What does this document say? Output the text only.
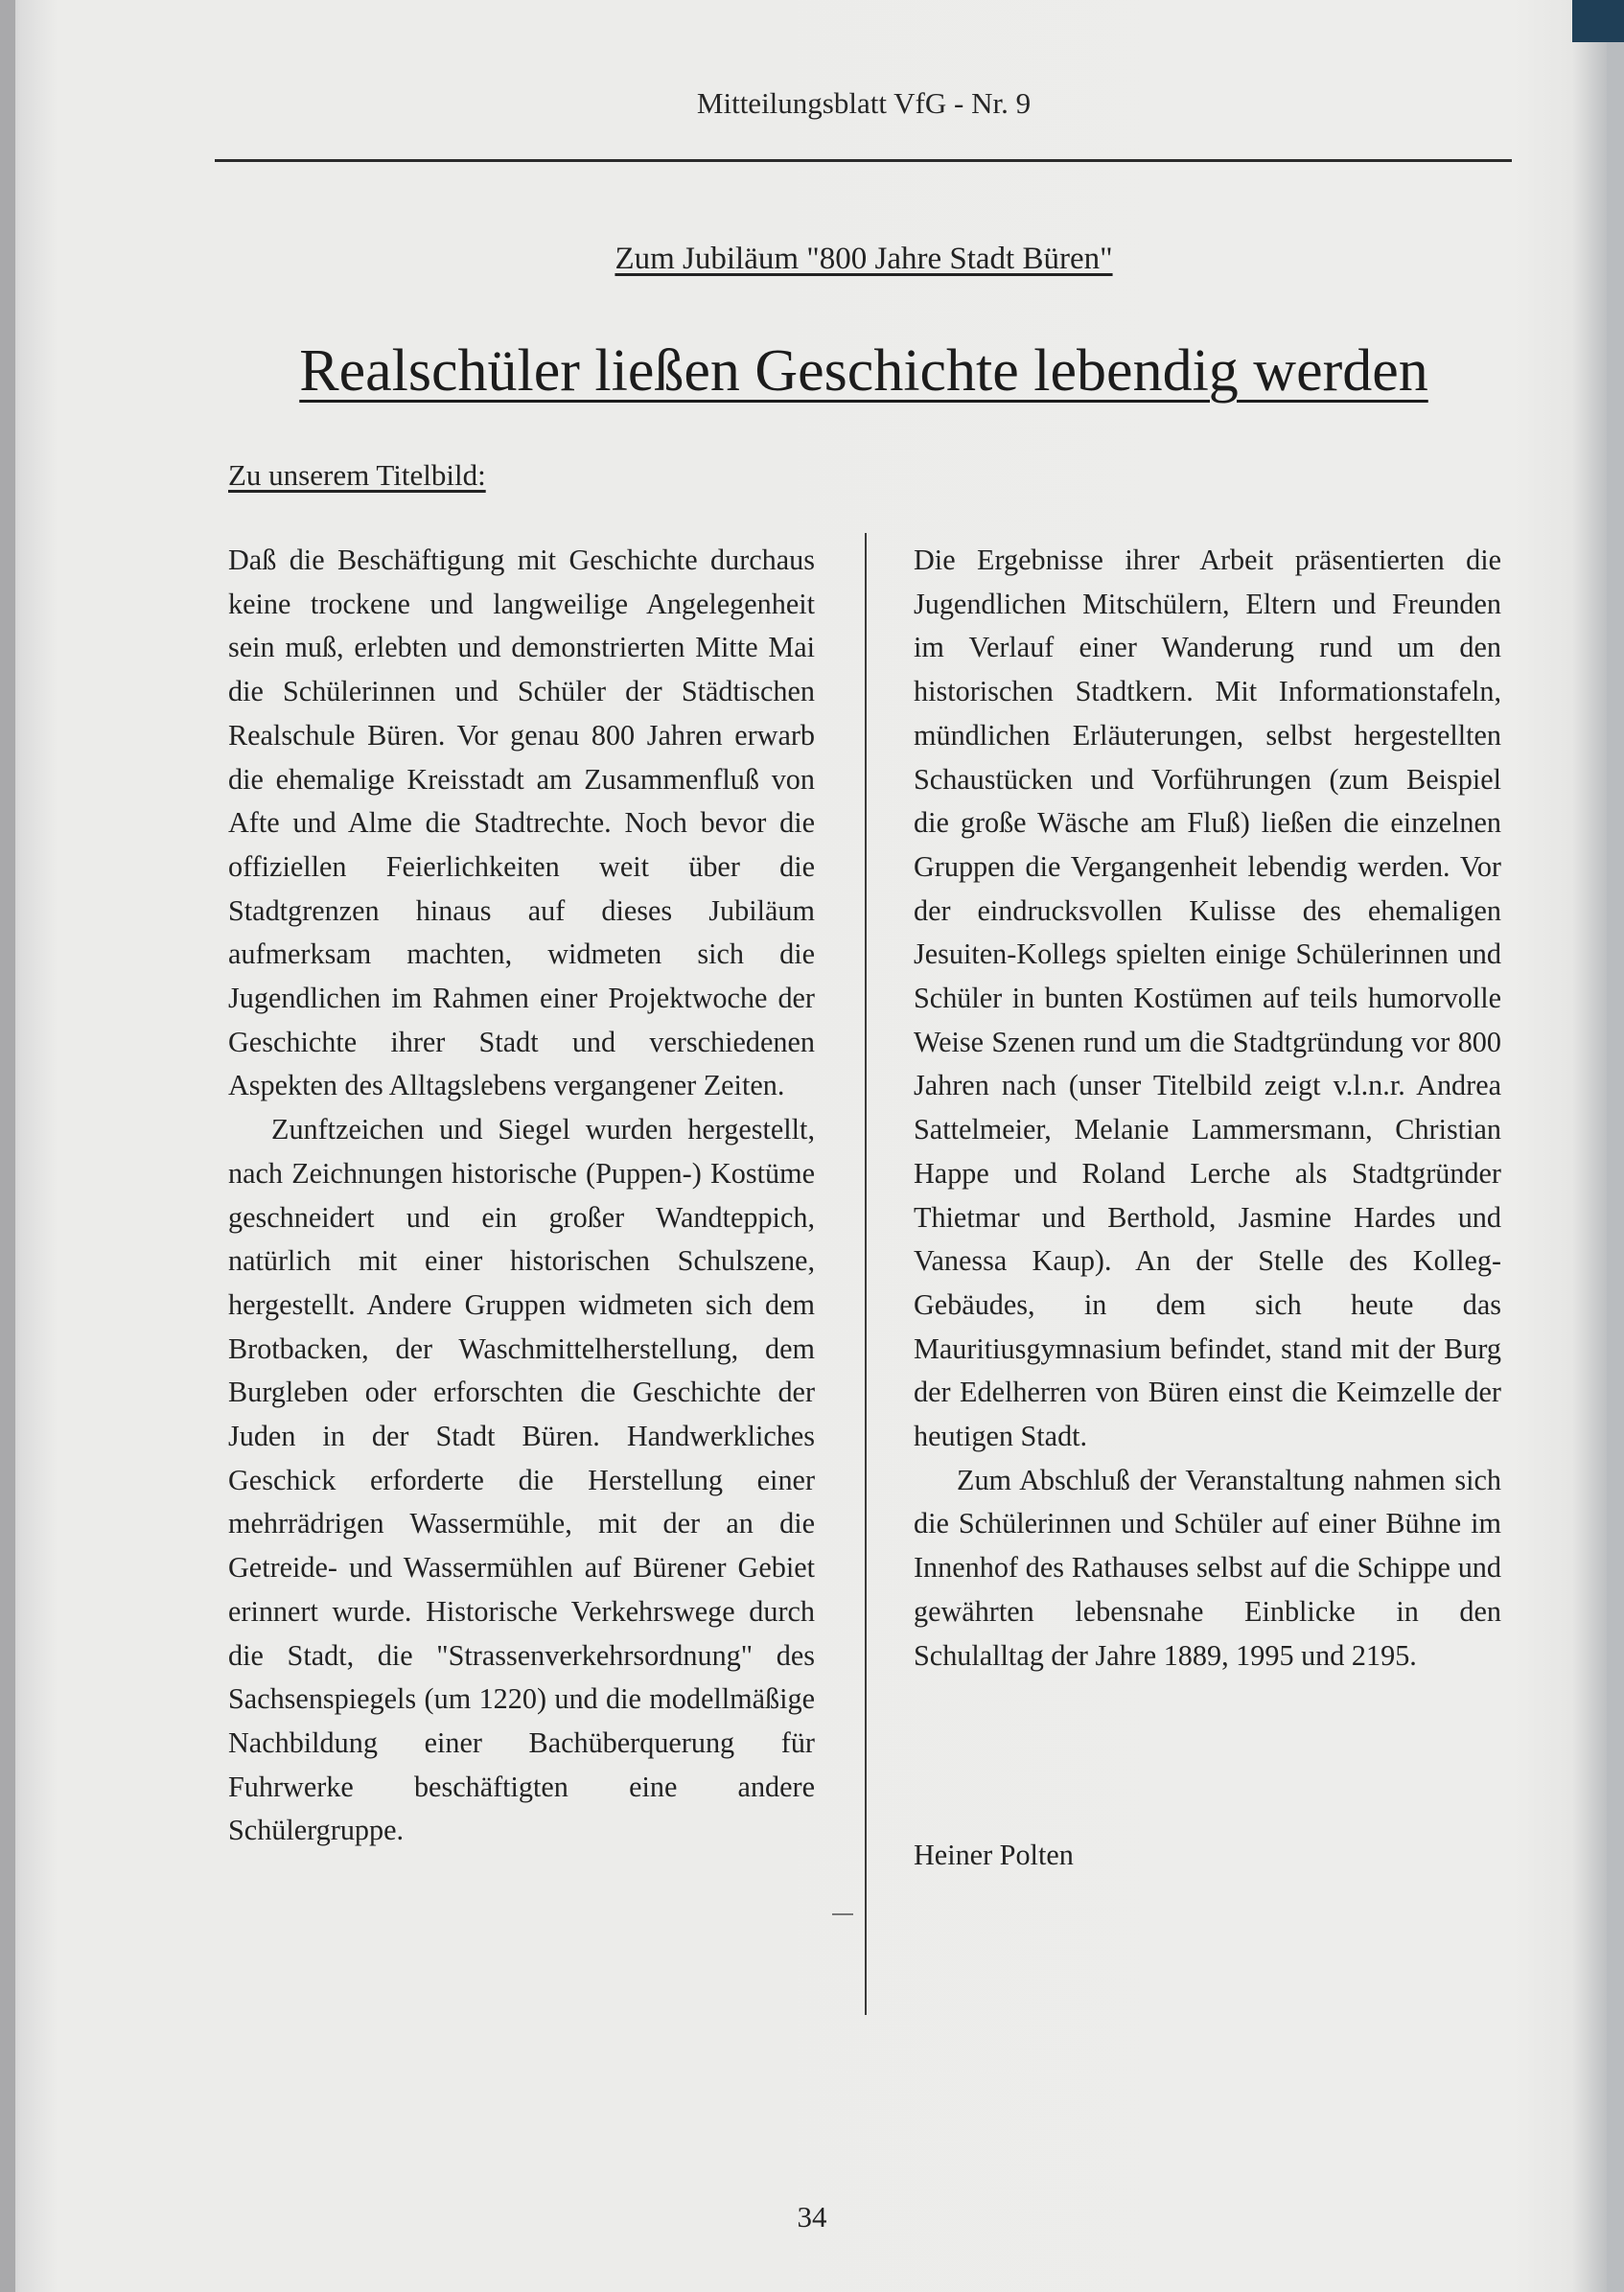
Mitteilungsblatt VfG - Nr. 9
Zum Jubiläum "800 Jahre Stadt Büren"
Realschüler ließen Geschichte lebendig werden
Zu unserem Titelbild:

Daß die Beschäftigung mit Geschichte durchaus keine trockene und langweilige Angelegenheit sein muß, erlebten und demonstrierten Mitte Mai die Schülerinnen und Schüler der Städtischen Realschule Büren. Vor genau 800 Jahren erwarb die ehemalige Kreisstadt am Zusammenfluß von Afte und Alme die Stadtrechte. Noch bevor die offiziellen Feierlichkeiten weit über die Stadtgrenzen hinaus auf dieses Jubiläum aufmerksam machten, widmeten sich die Jugendlichen im Rahmen einer Projektwoche der Geschichte ihrer Stadt und verschiedenen Aspekten des Alltagslebens vergangener Zeiten.

Zunftzeichen und Siegel wurden hergestellt, nach Zeichnungen historische (Puppen-) Kostüme geschneidert und ein großer Wandteppich, natürlich mit einer historischen Schulszene, hergestellt. Andere Gruppen widmeten sich dem Brotbacken, der Waschmittelherstellung, dem Burgleben oder erforschten die Geschichte der Juden in der Stadt Büren. Handwerkliches Geschick erforderte die Herstellung einer mehrrädrigen Wassermühle, mit der an die Getreide- und Wassermühlen auf Bürener Gebiet erinnert wurde. Historische Verkehrswege durch die Stadt, die "Strassenverkehrsordnung" des Sachsenspiegels (um 1220) und die modellmäßige Nachbildung einer Bachüberquerung für Fuhrwerke beschäftigten eine andere Schülergruppe.

Die Ergebnisse ihrer Arbeit präsentierten die Jugendlichen Mitschülern, Eltern und Freunden im Verlauf einer Wanderung rund um den historischen Stadtkern. Mit Informationstafeln, mündlichen Erläuterungen, selbst hergestellten Schaustücken und Vorführungen (zum Beispiel die große Wäsche am Fluß) ließen die einzelnen Gruppen die Vergangenheit lebendig werden. Vor der eindrucksvollen Kulisse des ehemaligen Jesuiten-Kollegs spielten einige Schülerinnen und Schüler in bunten Kostümen auf teils humorvolle Weise Szenen rund um die Stadtgründung vor 800 Jahren nach (unser Titelbild zeigt v.l.n.r. Andrea Sattelmeier, Melanie Lammersmann, Christian Happe und Roland Lerche als Stadtgründer Thietmar und Berthold, Jasmine Hardes und Vanessa Kaup). An der Stelle des Kolleg-Gebäudes, in dem sich heute das Mauritiusgymnasium befindet, stand mit der Burg der Edelherren von Büren einst die Keimzelle der heutigen Stadt.

Zum Abschluß der Veranstaltung nahmen sich die Schülerinnen und Schüler auf einer Bühne im Innenhof des Rathauses selbst auf die Schippe und gewährten lebensnahe Einblicke in den Schulalltag der Jahre 1889, 1995 und 2195.

Heiner Polten
34
